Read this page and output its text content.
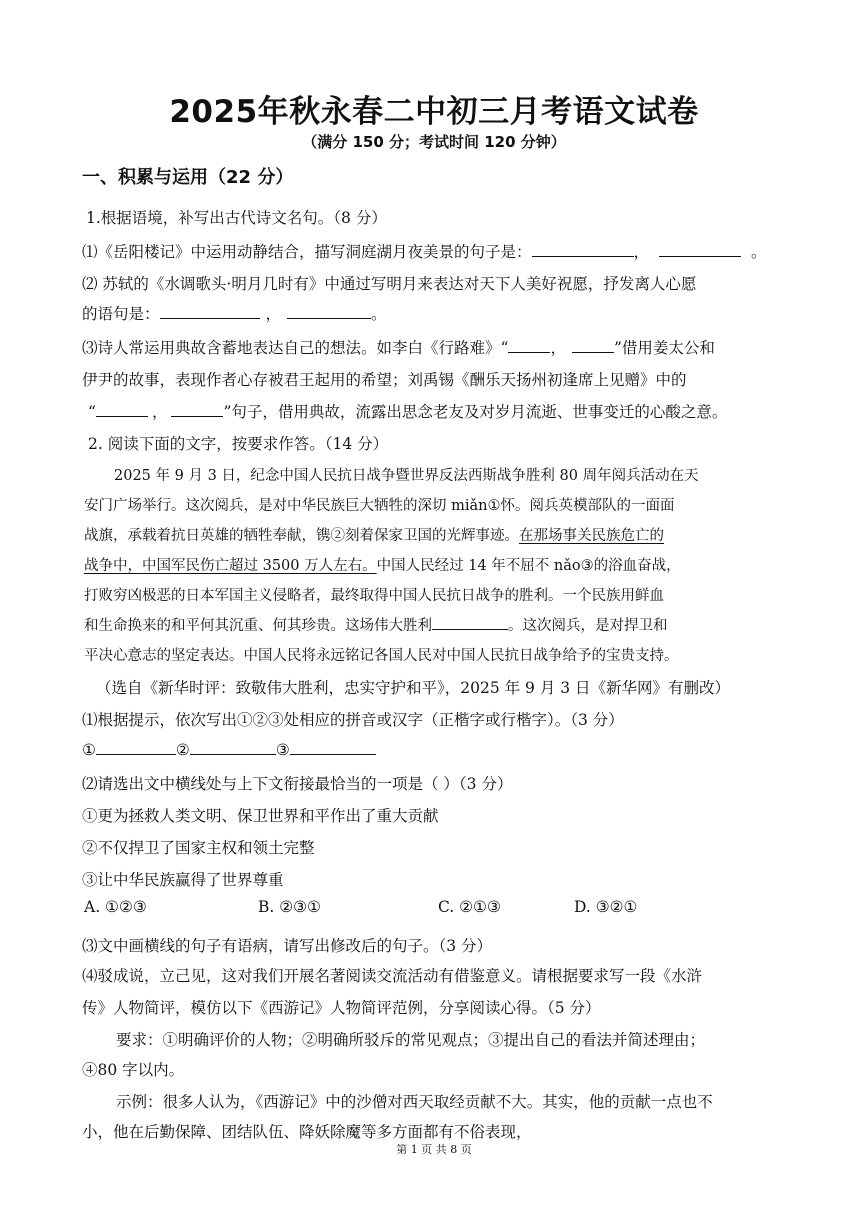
2025年秋永春二中初三月考语文试卷
（满分 150 分；考试时间 120 分钟）
一、积累与运用（22 分）
1.根据语境，补写出古代诗文名句。（8 分）
⑴《岳阳楼记》中运用动静结合，描写洞庭湖月夜美景的句子是：	，	。
⑵ 苏轼的《水调歌头·明月几时有》中通过写明月来表达对天下人美好祝愿，抒发离人心愿
的语句是：	，	。
⑶诗人常运用典故含蓄地表达自己的想法。如李白《行路难》“	，	”借用姜太公和
伊尹的故事，表现作者心存被君王起用的希望；刘禹锡《酬乐天扬州初逢席上见赠》中的
“	，	”句子，借用典故，流露出思念老友及对岁月流逝、世事变迁的心酸之意。
2. 阅读下面的文字，按要求作答。（14 分）
2025 年 9 月 3 日，纪念中国人民抗日战争暨世界反法西斯战争胜利 80 周年阅兵活动在天
安门广场举行。这次阅兵，是对中华民族巨大牺牲的深切 miǎn①怀。阅兵英模部队的一面面
战旗，承载着抗日英雄的牺牲奉献，镌②刻着保家卫国的光辉事迹。在那场事关民族危亡的
战争中，中国军民伤亡超过 3500 万人左右。中国人民经过 14 年不屈不 nǎo③的浴血奋战，
打败穷凶极恶的日本军国主义侵略者，最终取得中国人民抗日战争的胜利。一个民族用鲜血
和生命换来的和平何其沉重、何其珍贵。这场伟大胜利	。这次阅兵，是对捍卫和
平决心意志的坚定表达。中国人民将永远铭记各国人民对中国人民抗日战争给予的宝贵支持。
（选自《新华时评：致敬伟大胜利，忠实守护和平》，2025 年 9 月 3 日《新华网》有删改）
⑴根据提示，依次写出①②③处相应的拼音或汉字（正楷字或行楷字）。（3 分）
①	②	③
⑵请选出文中横线处与上下文衔接最恰当的一项是（ ）（3 分）
①更为拯救人类文明、保卫世界和平作出了重大贡献
②不仅捍卫了国家主权和领土完整
③让中华民族赢得了世界尊重
A. ①②③	B. ②③①	C. ②①③	D. ③②①
⑶文中画横线的句子有语病，请写出修改后的句子。（3 分）
⑷驳成说，立己见，这对我们开展名著阅读交流活动有借鉴意义。请根据要求写一段《水浒
传》人物简评，模仿以下《西游记》人物简评范例，分享阅读心得。（5 分）
要求：①明确评价的人物；②明确所驳斥的常见观点；③提出自己的看法并简述理由；
④80 字以内。
示例：很多人认为，《西游记》中的沙僧对西天取经贡献不大。其实，他的贡献一点也不
小，他在后勤保障、团结队伍、降妖除魔等多方面都有不俗表现，
第 1 页 共 8 页
